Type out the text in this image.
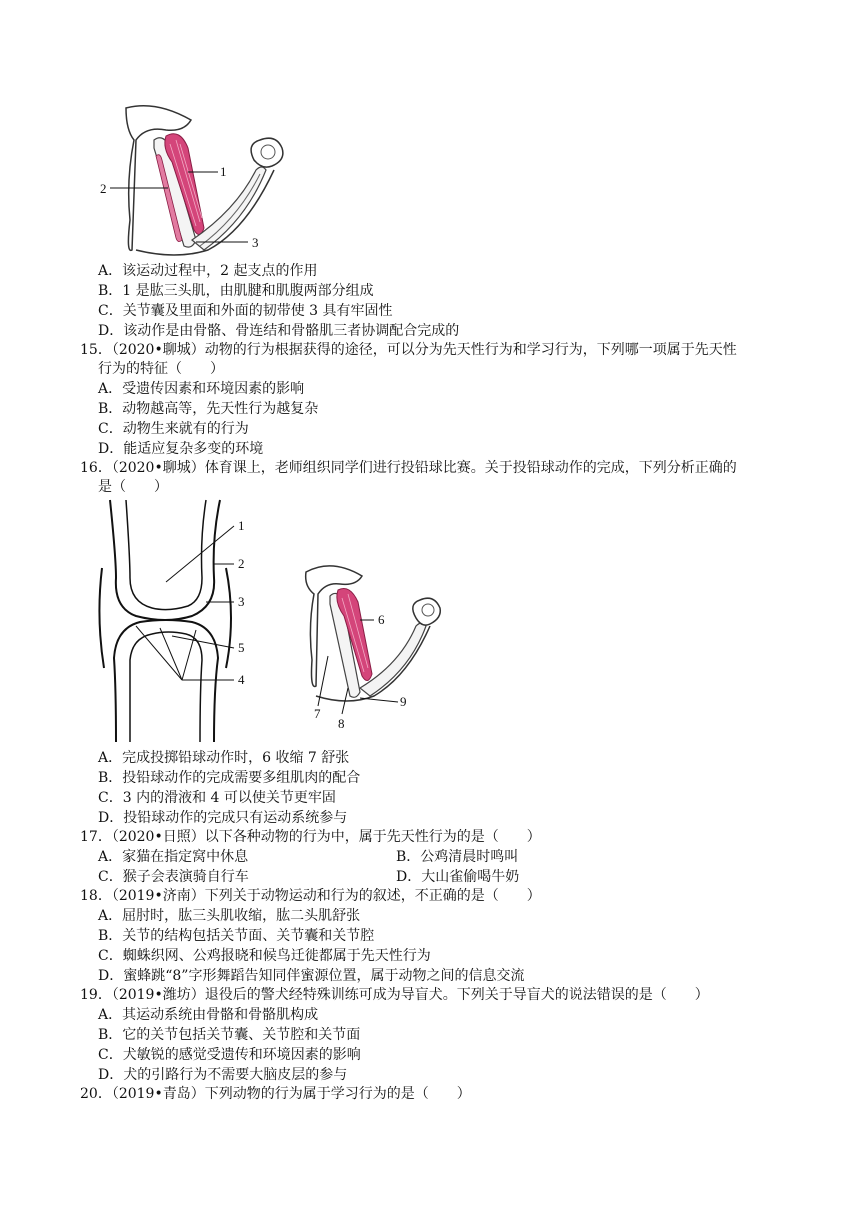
1
2
3
A．该运动过程中，2 起支点的作用
B．1 是肱三头肌，由肌腱和肌腹两部分组成
C．关节囊及里面和外面的韧带使 3 具有牢固性
D．该动作是由骨骼、骨连结和骨骼肌三者协调配合完成的
15．（2020•聊城）动物的行为根据获得的途径，可以分为先天性行为和学习行为，下列哪一项属于先天性
行为的特征（　　）
A．受遗传因素和环境因素的影响
B．动物越高等，先天性行为越复杂
C．动物生来就有的行为
D．能适应复杂多变的环境
16．（2020•聊城）体育课上，老师组织同学们进行投铅球比赛。关于投铅球动作的完成，下列分析正确的
是（　　）
1
2
3
5
4
6
7
8
9
A．完成投掷铅球动作时，6 收缩 7 舒张
B．投铅球动作的完成需要多组肌肉的配合
C．3 内的滑液和 4 可以使关节更牢固
D．投铅球动作的完成只有运动系统参与
17．（2020•日照）以下各种动物的行为中，属于先天性行为的是（　　）
A．家猫在指定窝中休息	B．公鸡清晨时鸣叫
C．猴子会表演骑自行车	D．大山雀偷喝牛奶
18．（2019•济南）下列关于动物运动和行为的叙述，不正确的是（　　）
A．屈肘时，肱三头肌收缩，肱二头肌舒张
B．关节的结构包括关节面、关节囊和关节腔
C．蜘蛛织网、公鸡报晓和候鸟迁徙都属于先天性行为
D．蜜蜂跳“8”字形舞蹈告知同伴蜜源位置，属于动物之间的信息交流
19．（2019•潍坊）退役后的警犬经特殊训练可成为导盲犬。下列关于导盲犬的说法错误的是（　　）
A．其运动系统由骨骼和骨骼肌构成
B．它的关节包括关节囊、关节腔和关节面
C．犬敏锐的感觉受遗传和环境因素的影响
D．犬的引路行为不需要大脑皮层的参与
20．（2019•青岛）下列动物的行为属于学习行为的是（　　）
